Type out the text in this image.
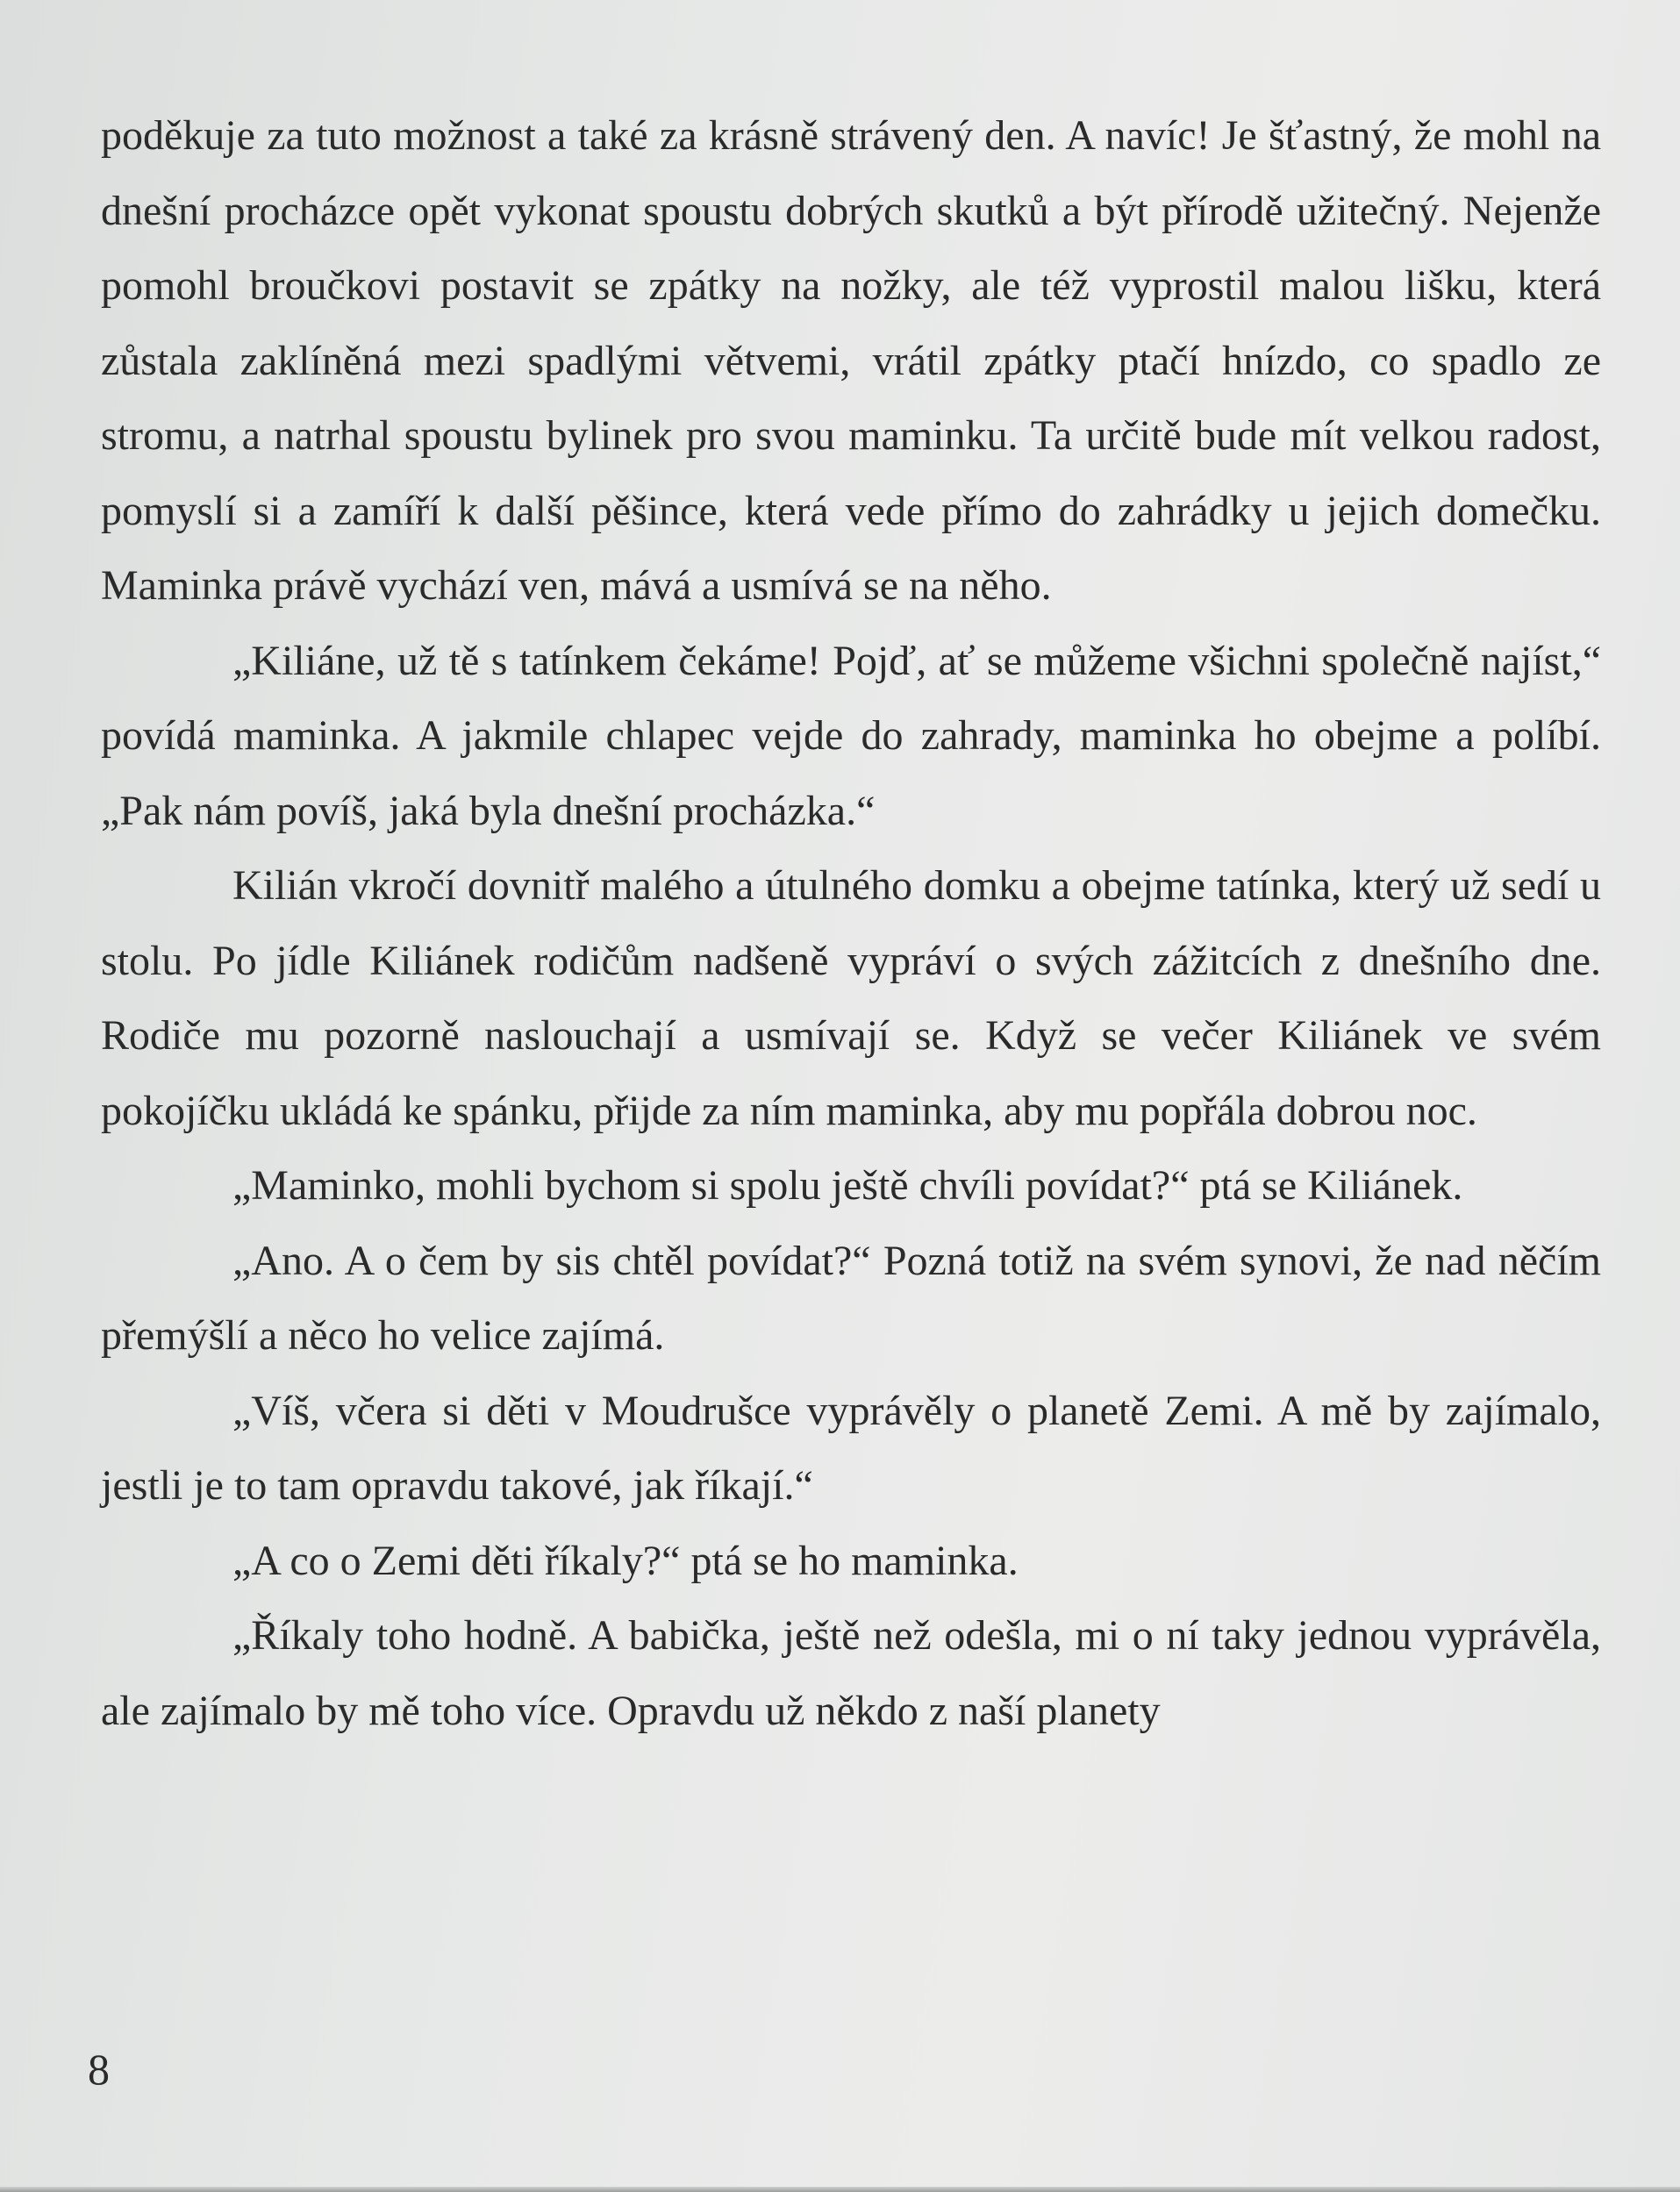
poděkuje za tuto možnost a také za krásně strávený den. A navíc! Je šťastný, že mohl na dnešní procházce opět vykonat spoustu dobrých skutků a být přírodě užitečný. Nejenže pomohl broučkovi postavit se zpátky na nožky, ale též vyprostil malou lišku, která zůstala zaklíněná mezi spadlými větvemi, vrátil zpátky ptačí hnízdo, co spadlo ze stromu, a natrhal spoustu bylinek pro svou maminku. Ta určitě bude mít velkou radost, pomyslí si a zamíří k další pěšince, která vede přímo do zahrádky u jejich domečku. Maminka právě vychází ven, mává a usmívá se na něho.

„Kiliáne, už tě s tatínkem čekáme! Pojď, ať se můžeme všichni společně najíst,“ povídá maminka. A jakmile chlapec vejde do zahrady, maminka ho obejme a políbí. „Pak nám povíš, jaká byla dnešní procházka.“

Kilián vkročí dovnitř malého a útulného domku a obejme tatínka, který už sedí u stolu. Po jídle Kiliánek rodičům nadšeně vypráví o svých zážitcích z dnešního dne. Rodiče mu pozorně naslouchají a usmívají se. Když se večer Kiliánek ve svém pokojíčku ukládá ke spánku, přijde za ním maminka, aby mu popřála dobrou noc.

„Maminko, mohli bychom si spolu ještě chvíli povídat?“ ptá se Kiliánek.

„Ano. A o čem by sis chtěl povídat?“ Pozná totiž na svém synovi, že nad něčím přemýšlí a něco ho velice zajímá.

„Víš, včera si děti v Moudrušce vyprávěly o planetě Zemi. A mě by zajímalo, jestli je to tam opravdu takové, jak říkají.“

„A co o Zemi děti říkaly?“ ptá se ho maminka.

„Říkaly toho hodně. A babička, ještě než odešla, mi o ní taky jednou vyprávěla, ale zajímalo by mě toho více. Opravdu už někdo z naší planety

8
